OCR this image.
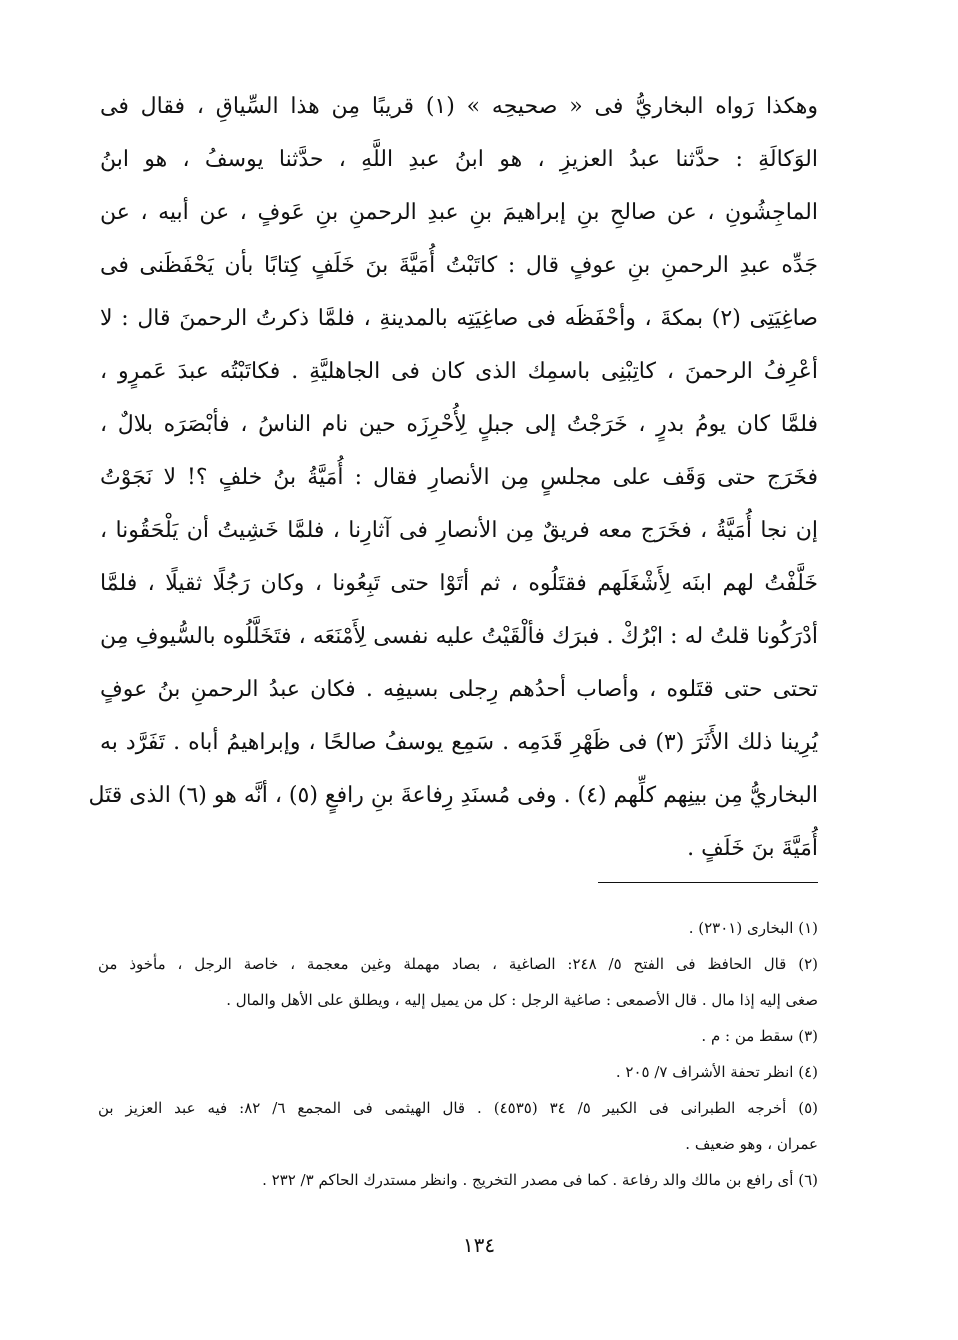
وهكذا رَواه البخاريُّ فى « صحيحِه » (١) قريبًا مِن هذا السِّياقِ ، فقال فى
الوَكالَةِ : حدَّثنا عبدُ العزيزِ ، هو ابنُ عبدِ اللَّهِ ، حدَّثنا يوسفُ ، هو ابنُ
الماجِشُونِ ، عن صالحِ بنِ إبراهيمَ بنِ عبدِ الرحمنِ بنِ عَوفٍ ، عن أبيه ، عن
جَدِّه عبدِ الرحمنِ بنِ عوفٍ قال : كاتَبْتُ أُمَيَّةَ بنَ خَلَفٍ كِتابًا بأن يَحْفَظَنى فى
صاغِيَتِى (٢) بمكةَ ، وأحْفَظَه فى صاغِيَتِه بالمدينةِ ، فلمَّا ذكرتُ الرحمنَ قال : لا
أعْرِفُ الرحمنَ ، كاتِبْنِى باسمِك الذى كان فى الجاهليَّةِ . فكاتَبْتُه عبدَ عَمرٍو ،
فلمَّا كان يومُ بدرٍ ، خَرَجْتُ إلى جبلٍ لِأُحْرِزَه حين نام الناسُ ، فأبْصَرَه بلالٌ ،
فخَرَج حتى وَقَف على مجلسٍ مِن الأنصارِ فقال : أُمَيَّةُ بنُ خلفٍ ؟! لا نَجَوْتُ
إن نجا أُمَيَّةُ ، فخَرَج معه فريقٌ مِن الأنصارِ فى آثارِنا ، فلمَّا خَشِيتُ أن يَلْحَقُونا ،
خَلَّفْتُ لهم ابنَه لِأَشْغَلَهم فقتَلُوه ، ثم أتَوْا حتى تَبِعُونا ، وكان رَجُلًا ثقيلًا ، فلمَّا
أدْرَكُونا قلتُ له : ابْرُكْ . فبرَك فألْقَيْتُ عليه نفسى لِأَمْنَعَه ، فتَخَلَّلُوه بالسُّيوفِ مِن
تحتى حتى قتَلوه ، وأصاب أحدُهم رِجلى بسيفِه . فكان عبدُ الرحمنِ بنُ عوفٍ
يُرِينا ذلك الأَثَرَ (٣) فى ظَهْرِ قَدَمِه . سَمِع يوسفُ صالحًا ، وإبراهيمُ أباه . تَفَرَّد به
البخاريُّ مِن بينِهم كلِّهم (٤) . وفى مُسنَدِ رِفاعةَ بنِ رافعٍ (٥) ، أنَّه هو (٦) الذى قتَل
أُمَيَّةَ بنَ خَلَفٍ .
(١) البخارى (٢٣٠١) .
(٢) قال الحافظ فى الفتح ٥/ ٢٤٨: الصاغية ، بصاد مهملة وغين معجمة ، خاصة الرجل ، مأخوذ من
صغى إليه إذا مال . قال الأصمعى : صاغية الرجل : كل من يميل إليه ، ويطلق على الأهل والمال .
(٣) سقط من : م .
(٤) انظر تحفة الأشراف ٧/ ٢٠٥ .
(٥) أخرجه الطبرانى فى الكبير ٥/ ٣٤ (٤٥٣٥) . قال الهيثمى فى المجمع ٦/ ٨٢: فيه عبد العزيز بن
عمران ، وهو ضعيف .
(٦) أى رافع بن مالك والد رفاعة . كما فى مصدر التخريج . وانظر مستدرك الحاكم ٣/ ٢٣٢ .
١٣٤
